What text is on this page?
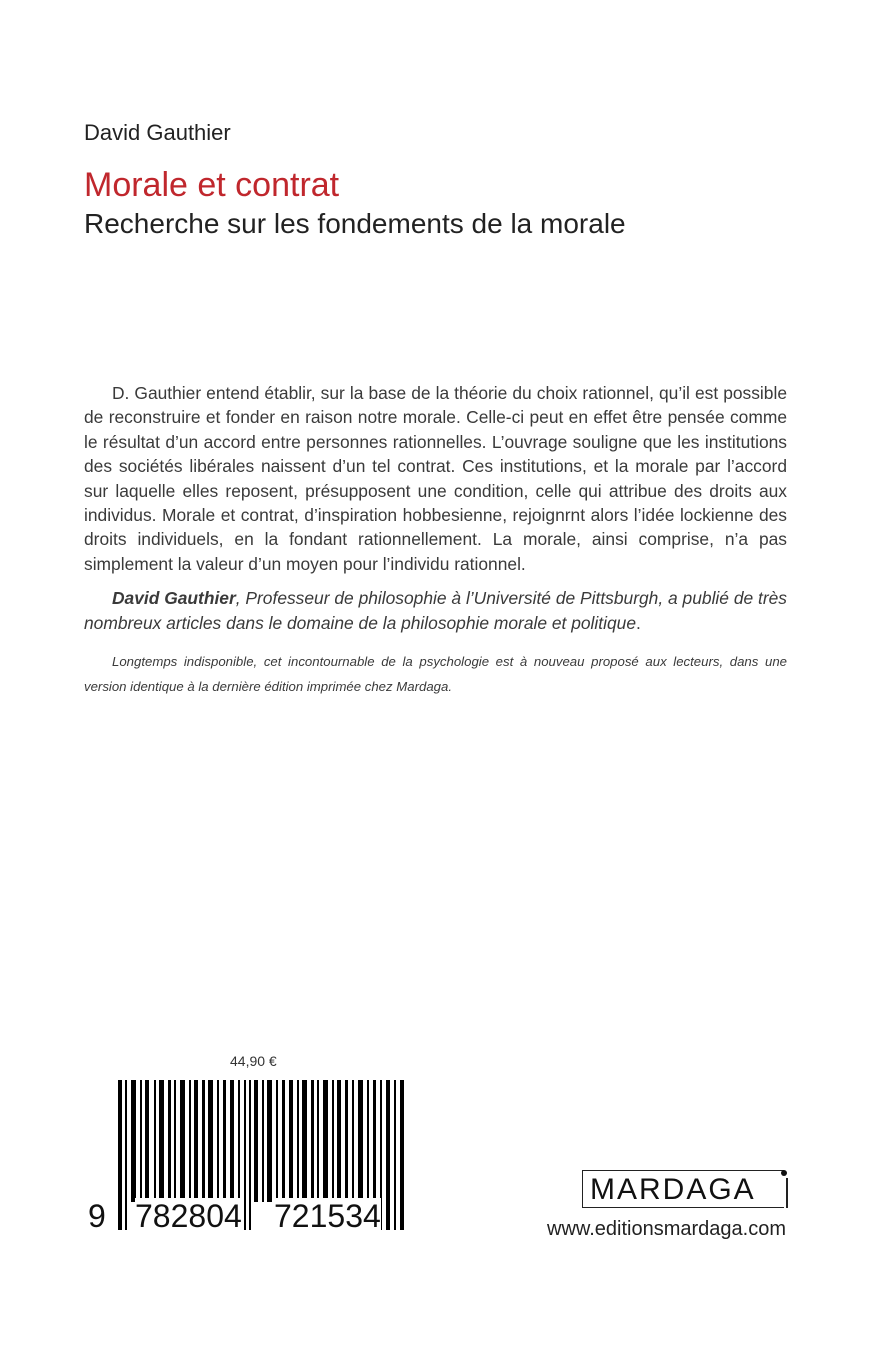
David Gauthier
Morale et contrat
Recherche sur les fondements de la morale

D. Gauthier entend établir, sur la base de la théorie du choix rationnel, qu’il est possible de reconstruire et fonder en raison notre morale. Celle-ci peut en effet être pensée comme le résultat d’un accord entre personnes rationnelles. L’ouvrage souligne que les institutions des sociétés libérales naissent d’un tel contrat. Ces institutions, et la morale par l’accord sur laquelle elles reposent, présupposent une condition, celle qui attribue des droits aux individus. Morale et contrat, d’inspiration hobbesienne, rejoignrnt alors l’idée lockienne des droits individuels, en la fondant rationnellement. La morale, ainsi comprise, n’a pas simplement la valeur d’un moyen pour l’individu rationnel.

David Gauthier, Professeur de philosophie à l’Université de Pittsburgh, a publié de très nombreux articles dans le domaine de la philosophie morale et politique.

Longtemps indisponible, cet incontournable de la psychologie est à nouveau proposé aux lecteurs, dans une version identique à la dernière édition imprimée chez Mardaga.

44,90 €
9 782804 721534
MARDAGA
www.editionsmardaga.com
